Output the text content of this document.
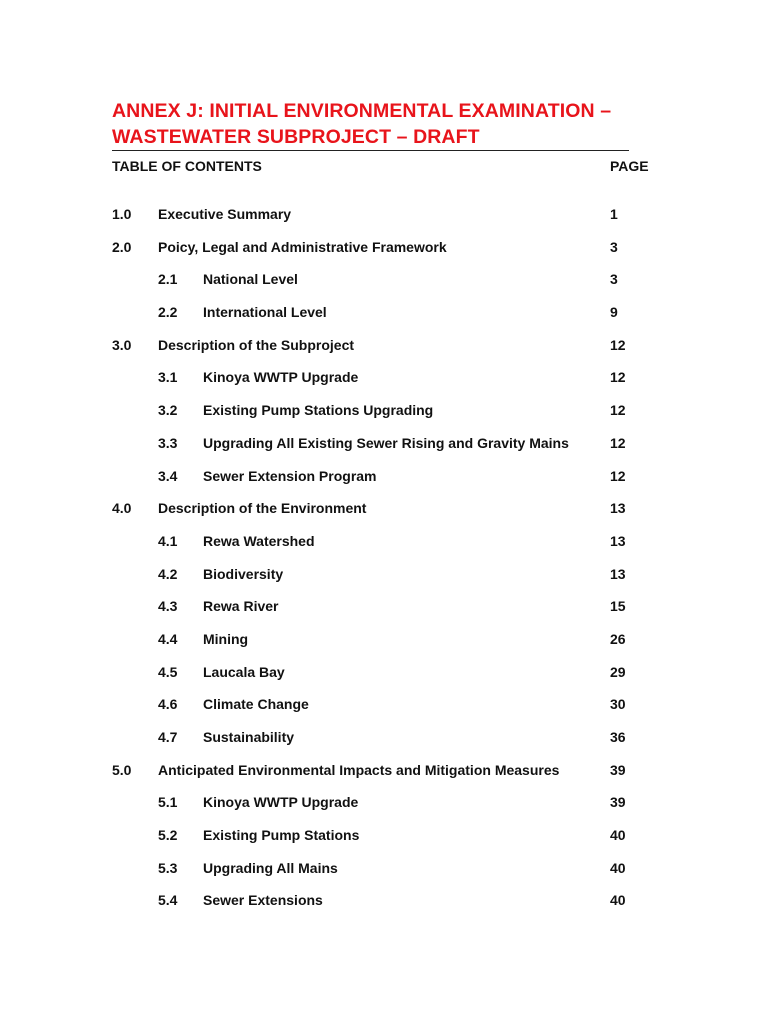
ANNEX J: INITIAL ENVIRONMENTAL EXAMINATION –
WASTEWATER SUBPROJECT – DRAFT
TABLE OF CONTENTS	PAGE
1.0 Executive Summary	1
2.0 Poicy, Legal and Administrative Framework	3
2.1 National Level	3
2.2 International Level	9
3.0 Description of the Subproject	12
3.1 Kinoya WWTP Upgrade	12
3.2 Existing Pump Stations Upgrading	12
3.3 Upgrading All Existing Sewer Rising and Gravity Mains	12
3.4 Sewer Extension Program	12
4.0 Description of the Environment	13
4.1 Rewa Watershed	13
4.2 Biodiversity	13
4.3 Rewa River	15
4.4 Mining	26
4.5 Laucala Bay	29
4.6 Climate Change	30
4.7 Sustainability	36
5.0 Anticipated Environmental Impacts and Mitigation Measures	39
5.1 Kinoya WWTP Upgrade	39
5.2 Existing Pump Stations	40
5.3 Upgrading All Mains	40
5.4 Sewer Extensions	40
